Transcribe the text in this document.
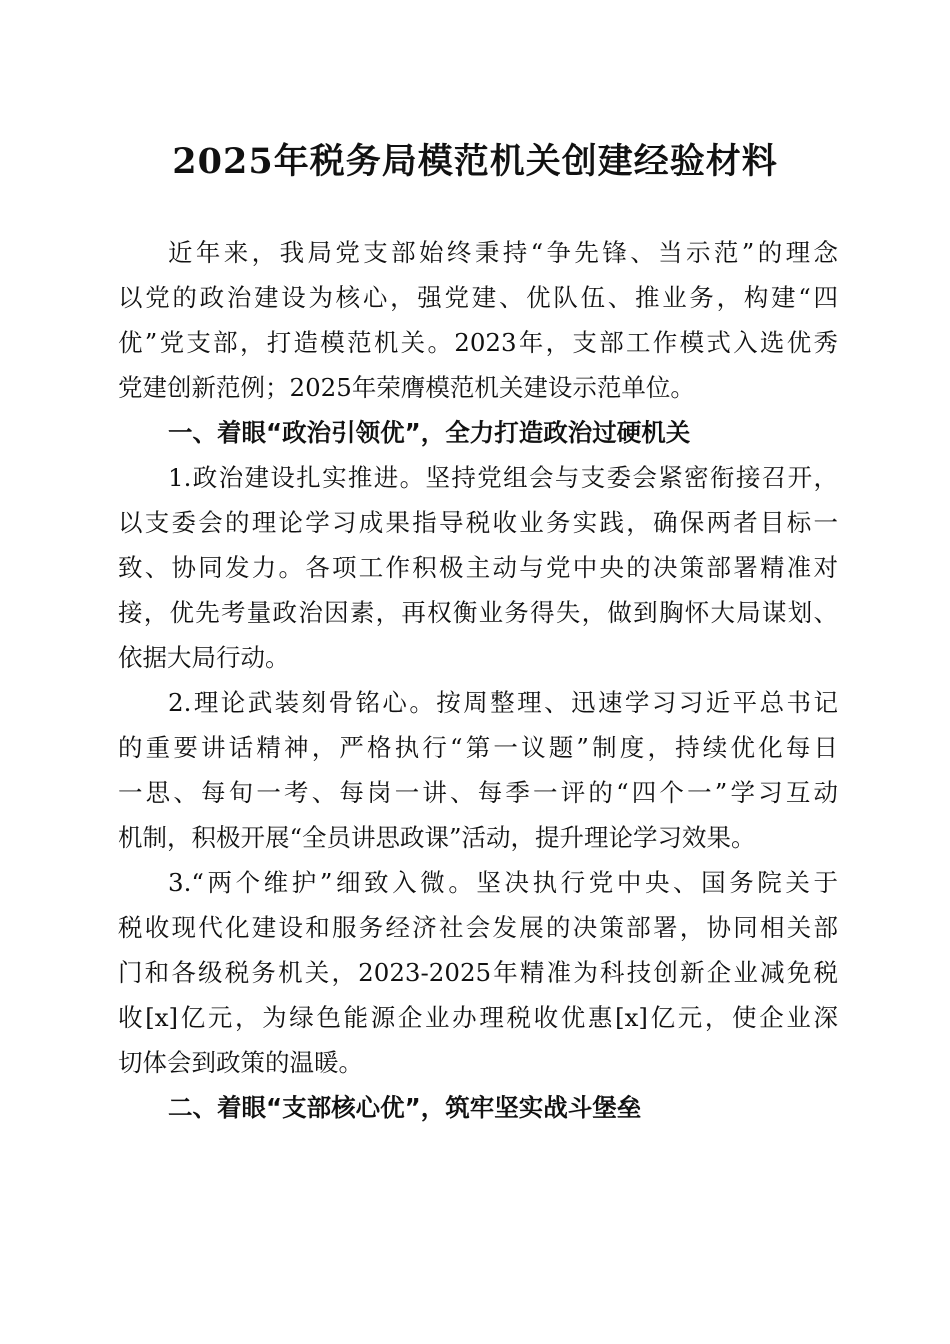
2025年税务局模范机关创建经验材料
近年来，我局党支部始终秉持“争先锋、当示范”的理念
以党的政治建设为核心，强党建、优队伍、推业务，构建“四
优”党支部，打造模范机关。2023年，支部工作模式入选优秀
党建创新范例；2025年荣膺模范机关建设示范单位。
一、着眼“政治引领优”，全力打造政治过硬机关
1.政治建设扎实推进。坚持党组会与支委会紧密衔接召开，
以支委会的理论学习成果指导税收业务实践，确保两者目标一
致、协同发力。各项工作积极主动与党中央的决策部署精准对
接，优先考量政治因素，再权衡业务得失，做到胸怀大局谋划、
依据大局行动。
2.理论武装刻骨铭心。按周整理、迅速学习习近平总书记
的重要讲话精神，严格执行“第一议题”制度，持续优化每日
一思、每旬一考、每岗一讲、每季一评的“四个一”学习互动
机制，积极开展“全员讲思政课”活动，提升理论学习效果。
3.“两个维护”细致入微。坚决执行党中央、国务院关于
税收现代化建设和服务经济社会发展的决策部署，协同相关部
门和各级税务机关，2023-2025年精准为科技创新企业减免税
收[x]亿元，为绿色能源企业办理税收优惠[x]亿元，使企业深
切体会到政策的温暖。
二、着眼“支部核心优”，筑牢坚实战斗堡垒
